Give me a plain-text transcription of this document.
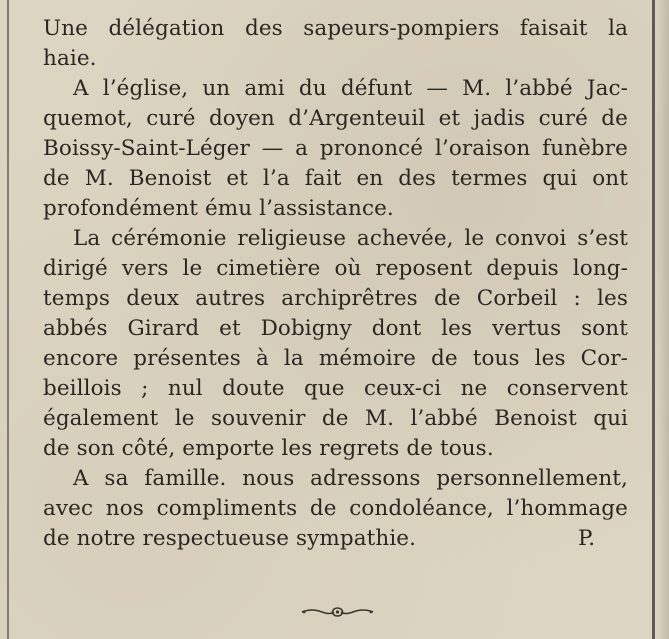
Une délégation des sapeurs-pompiers faisait la
haie.
A l’église, un ami du défunt — M. l’abbé Jac-
quemot, curé doyen d’Argenteuil et jadis curé de
Boissy-Saint-Léger — a prononcé l’oraison funèbre
de M. Benoist et l’a fait en des termes qui ont
profondément ému l’assistance.
La cérémonie religieuse achevée, le convoi s’est
dirigé vers le cimetière où reposent depuis long-
temps deux autres archiprêtres de Corbeil : les
abbés Girard et Dobigny dont les vertus sont
encore présentes à la mémoire de tous les Cor-
beillois ; nul doute que ceux-ci ne conservent
également le souvenir de M. l’abbé Benoist qui
de son côté, emporte les regrets de tous.
A sa famille. nous adressons personnellement,
avec nos compliments de condoléance, l’hommage
de notre respectueuse sympathie.	P.
